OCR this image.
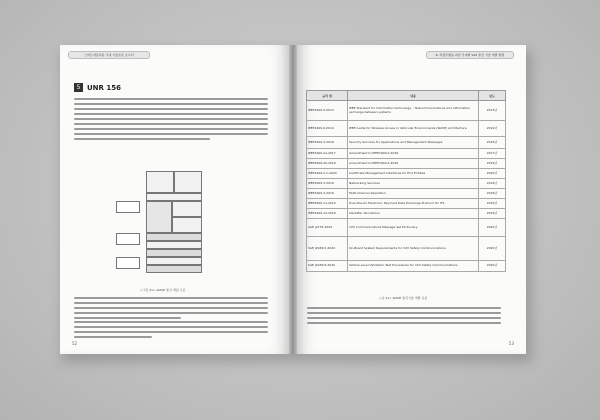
스마트자동차용 국내 기술표준 보고서
5 UNR 156
<그림 21> WAVE 통신 개념 구조
52
6. 차량주행을 위한 국내외 V2X 통신 기술 개발 현황
규격 명	내용	년도
IEEE1609.0-2013	IEEE Standard for Information technology – Telecommunications and information exchange between systems	2013년
IEEE1609.0-2019	IEEE Guide for Wireless Access in Vehicular Environments (WAVE) Architecture	2019년
IEEE1609.2-2016	Security Services for Applications and Management Messages	2016년
IEEE1609.2a-2017	Amendment to IEEE1609.2-2016	2017년
IEEE1609.2b-2019	Amendment to IEEE1609.2-2016	2019년
IEEE1609.2.1-2020	Certificate Management Interfaces for End Entities	2020년
IEEE1609.3-2016	Networking Services	2016년
IEEE1609.4-2016	Multi-Channel Operation	2016년
IEEE1609.11-2010	Over-the-Air Electronic Payment Data Exchange Protocol for ITS	2010년
IEEE1609.12-2019	Identifier Allocations	2019년
SAE J2735-2020	V2X Communications Message Set Dictionary	2020년
SAE J2945/1-2020	On-Board System Requirements for V2V Safety Communications	2020년
SAE J2945/4-2020	Vehicle Level Validation Test Procedures for V2V Safety Communications	2020년
<표 21> WAVE 통신기술 개발 표준
53
